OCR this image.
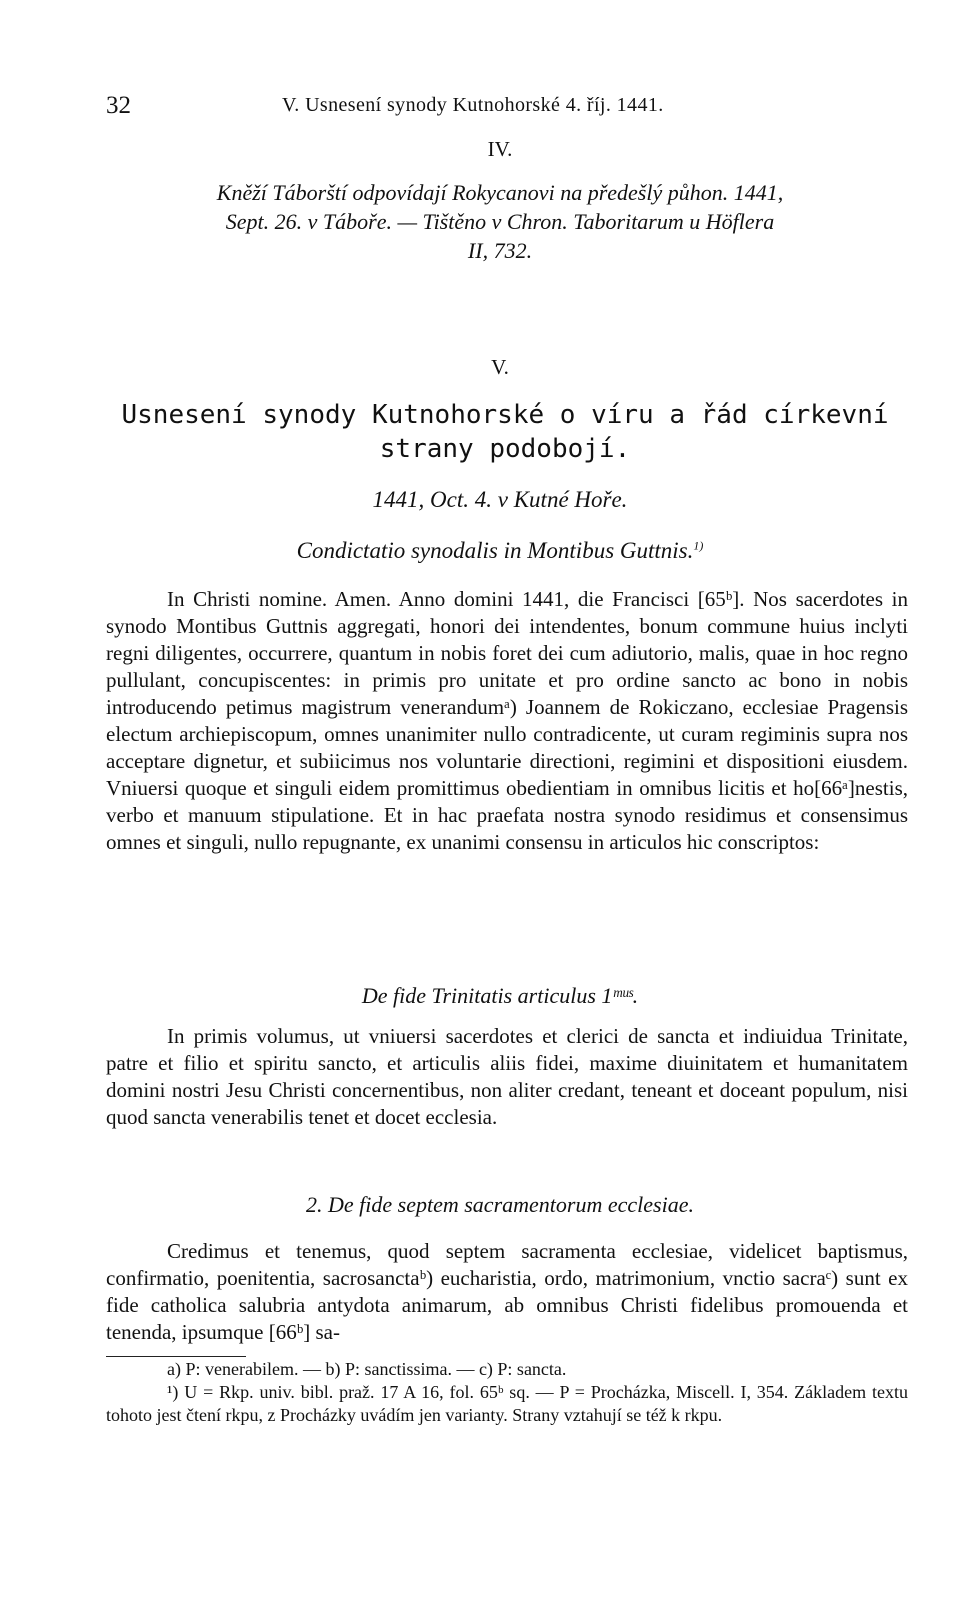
32	V. Usnesení synody Kutnohorské 4. říj. 1441.
IV.
Kněží Táborští odpovídají Rokycanovi na předešlý půhon. 1441,
Sept. 26. v Táboře. — Tištěno v Chron. Taboritarum u Höflera
II, 732.
V.
Usnesení synody Kutnohorské o víru a řád církevní
strany podobojí.
1441, Oct. 4. v Kutné Hoře.
Condictatio synodalis in Montibus Guttnis.$^{1)}$
In Christi nomine. Amen. Anno domini 1441, die Francisci [65ᵇ]. Nos sacerdotes in synodo Montibus Guttnis aggregati, honori dei intendentes, bonum commune huius inclyti regni diligentes, occurrere, quantum in nobis foret dei cum adiutorio, malis, quae in hoc regno pullulant, concupiscentes: in primis pro unitate et pro ordine sancto ac bono in nobis introducendo petimus magistrum venerandumᵃ) Joannem de Rokiczano, ecclesiae Pragensis electum archiepiscopum, omnes unanimiter nullo contradicente, ut curam regiminis supra nos acceptare dignetur, et subiicimus nos voluntarie directioni, regimini et dispositioni eiusdem. Vniuersi quoque et singuli eidem promittimus obedientiam in omnibus licitis et ho[66ᵃ]nestis, verbo et manuum stipulatione. Et in hac praefata nostra synodo residimus et consensimus omnes et singuli, nullo repugnante, ex unanimi consensu in articulos hic conscriptos:
De fide Trinitatis articulus 1ᵐᵘˢ.
In primis volumus, ut vniuersi sacerdotes et clerici de sancta et indiuidua Trinitate, patre et filio et spiritu sancto, et articulis aliis fidei, maxime diuinitatem et humanitatem domini nostri Jesu Christi concernentibus, non aliter credant, teneant et doceant populum, nisi quod sancta venerabilis tenet et docet ecclesia.
2. De fide septem sacramentorum ecclesiae.
Credimus et tenemus, quod septem sacramenta ecclesiae, videlicet baptismus, confirmatio, poenitentia, sacrosanctaᵇ) eucharistia, ordo, matrimonium, vnctio sacraᶜ) sunt ex fide catholica salubria antydota animarum, ab omnibus Christi fidelibus promouenda et tenenda, ipsumque [66ᵇ] sa-
a) P: venerabilem. — b) P: sanctissima. — c) P: sancta.
¹) U = Rkp. univ. bibl. praž. 17 A 16, fol. 65ᵇ sq. — P = Procházka, Miscell. I, 354. Základem textu tohoto jest čtení rkpu, z Procházky uvádím jen varianty. Strany vztahují se též k rkpu.
